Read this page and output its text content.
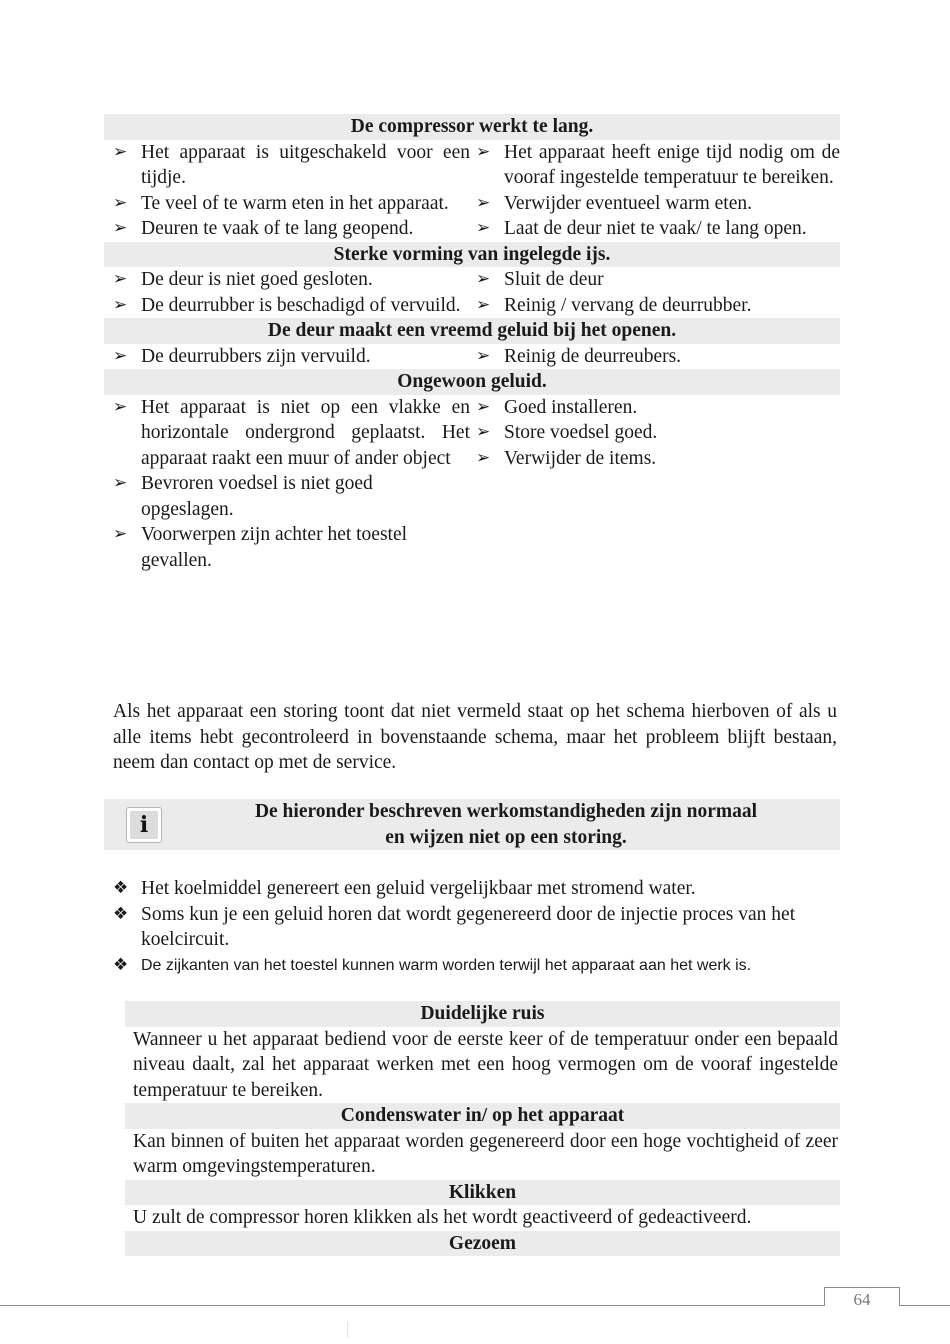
De compressor werkt te lang.
➢ Het apparaat is uitgeschakeld voor een tijdje.
➢ Te veel of te warm eten in het apparaat.
➢ Deuren te vaak of te lang geopend.
➢ Het apparaat heeft enige tijd nodig om de vooraf ingestelde temperatuur te bereiken.
➢ Verwijder eventueel warm eten.
➢ Laat de deur niet te vaak/ te lang open.
Sterke vorming van ingelegde ijs.
➢ De deur is niet goed gesloten.
➢ De deurrubber is beschadigd of vervuild.
➢ Sluit de deur
➢ Reinig / vervang de deurrubber.
De deur maakt een vreemd geluid bij het openen.
➢ De deurrubbers zijn vervuild.	➢ Reinig de deurreubers.
Ongewoon geluid.
➢ Het apparaat is niet op een vlakke en horizontale ondergrond geplaatst. Het apparaat raakt een muur of ander object
➢ Bevroren voedsel is niet goed opgeslagen.
➢ Voorwerpen zijn achter het toestel gevallen.
➢ Goed installeren.
➢ Store voedsel goed.
➢ Verwijder de items.
Als het apparaat een storing toont dat niet vermeld staat op het schema hierboven of als u alle items hebt gecontroleerd in bovenstaande schema, maar het probleem blijft bestaan, neem dan contact op met de service.
i
De hieronder beschreven werkomstandigheden zijn normaal
en wijzen niet op een storing.
❖ Het koelmiddel genereert een geluid vergelijkbaar met stromend water.
❖ Soms kun je een geluid horen dat wordt gegenereerd door de injectie proces van het koelcircuit.
❖ De zijkanten van het toestel kunnen warm worden terwijl het apparaat aan het werk is.
Duidelijke ruis
Wanneer u het apparaat bediend voor de eerste keer of de temperatuur onder een bepaald niveau daalt, zal het apparaat werken met een hoog vermogen om de vooraf ingestelde temperatuur te bereiken.
Condenswater in/ op het apparaat
Kan binnen of buiten het apparaat worden gegenereerd door een hoge vochtigheid of zeer warm omgevingstemperaturen.
Klikken
U zult de compressor horen klikken als het wordt geactiveerd of gedeactiveerd.
Gezoem
64
